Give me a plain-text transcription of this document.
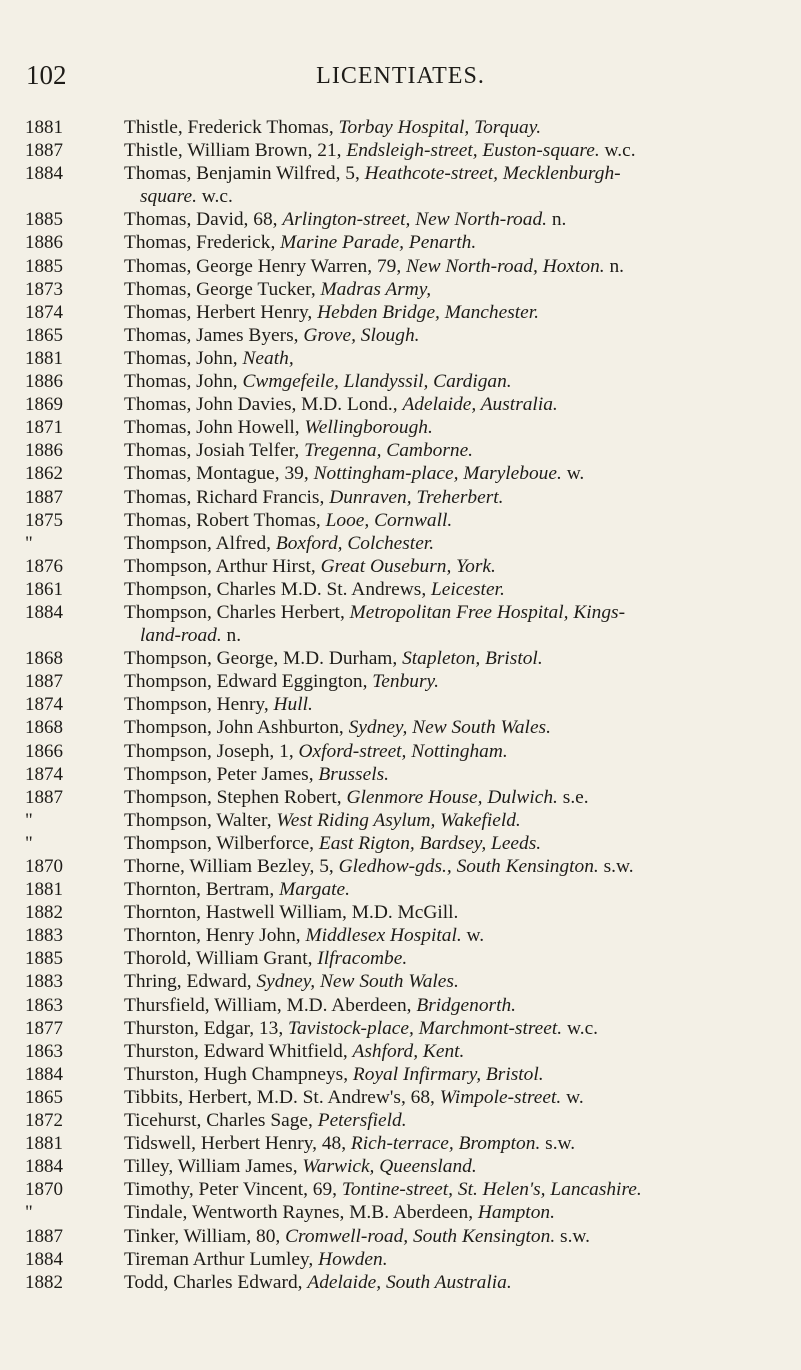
102	LICENTIATES.
1881	Thistle, Frederick Thomas, Torbay Hospital, Torquay.
1887	Thistle, William Brown, 21, Endsleigh-street, Euston-square. w.c.
1884	Thomas, Benjamin Wilfred, 5, Heathcote-street, Mecklenburgh-
square. w.c.
1885	Thomas, David, 68, Arlington-street, New North-road. n.
1886	Thomas, Frederick, Marine Parade, Penarth.
1885	Thomas, George Henry Warren, 79, New North-road, Hoxton. n.
1873	Thomas, George Tucker, Madras Army,
1874	Thomas, Herbert Henry, Hebden Bridge, Manchester.
1865	Thomas, James Byers, Grove, Slough.
1881	Thomas, John, Neath,
1886	Thomas, John, Cwmgefeile, Llandyssil, Cardigan.
1869	Thomas, John Davies, M.D. Lond., Adelaide, Australia.
1871	Thomas, John Howell, Wellingborough.
1886	Thomas, Josiah Telfer, Tregenna, Camborne.
1862	Thomas, Montague, 39, Nottingham-place, Maryleboue. w.
1887	Thomas, Richard Francis, Dunraven, Treherbert.
1875	Thomas, Robert Thomas, Looe, Cornwall.
"	Thompson, Alfred, Boxford, Colchester.
1876	Thompson, Arthur Hirst, Great Ouseburn, York.
1861	Thompson, Charles M.D. St. Andrews, Leicester.
1884	Thompson, Charles Herbert, Metropolitan Free Hospital, Kings-
land-road. n.
1868	Thompson, George, M.D. Durham, Stapleton, Bristol.
1887	Thompson, Edward Eggington, Tenbury.
1874	Thompson, Henry, Hull.
1868	Thompson, John Ashburton, Sydney, New South Wales.
1866	Thompson, Joseph, 1, Oxford-street, Nottingham.
1874	Thompson, Peter James, Brussels.
1887	Thompson, Stephen Robert, Glenmore House, Dulwich. s.e.
"	Thompson, Walter, West Riding Asylum, Wakefield.
"	Thompson, Wilberforce, East Rigton, Bardsey, Leeds.
1870	Thorne, William Bezley, 5, Gledhow-gds., South Kensington. s.w.
1881	Thornton, Bertram, Margate.
1882	Thornton, Hastwell William, M.D. McGill.
1883	Thornton, Henry John, Middlesex Hospital. w.
1885	Thorold, William Grant, Ilfracombe.
1883	Thring, Edward, Sydney, New South Wales.
1863	Thursfield, William, M.D. Aberdeen, Bridgenorth.
1877	Thurston, Edgar, 13, Tavistock-place, Marchmont-street. w.c.
1863	Thurston, Edward Whitfield, Ashford, Kent.
1884	Thurston, Hugh Champneys, Royal Infirmary, Bristol.
1865	Tibbits, Herbert, M.D. St. Andrew's, 68, Wimpole-street. w.
1872	Ticehurst, Charles Sage, Petersfield.
1881	Tidswell, Herbert Henry, 48, Rich-terrace, Brompton. s.w.
1884	Tilley, William James, Warwick, Queensland.
1870	Timothy, Peter Vincent, 69, Tontine-street, St. Helen's, Lancashire.
"	Tindale, Wentworth Raynes, M.B. Aberdeen, Hampton.
1887	Tinker, William, 80, Cromwell-road, South Kensington. s.w.
1884	Tireman Arthur Lumley, Howden.
1882	Todd, Charles Edward, Adelaide, South Australia.
